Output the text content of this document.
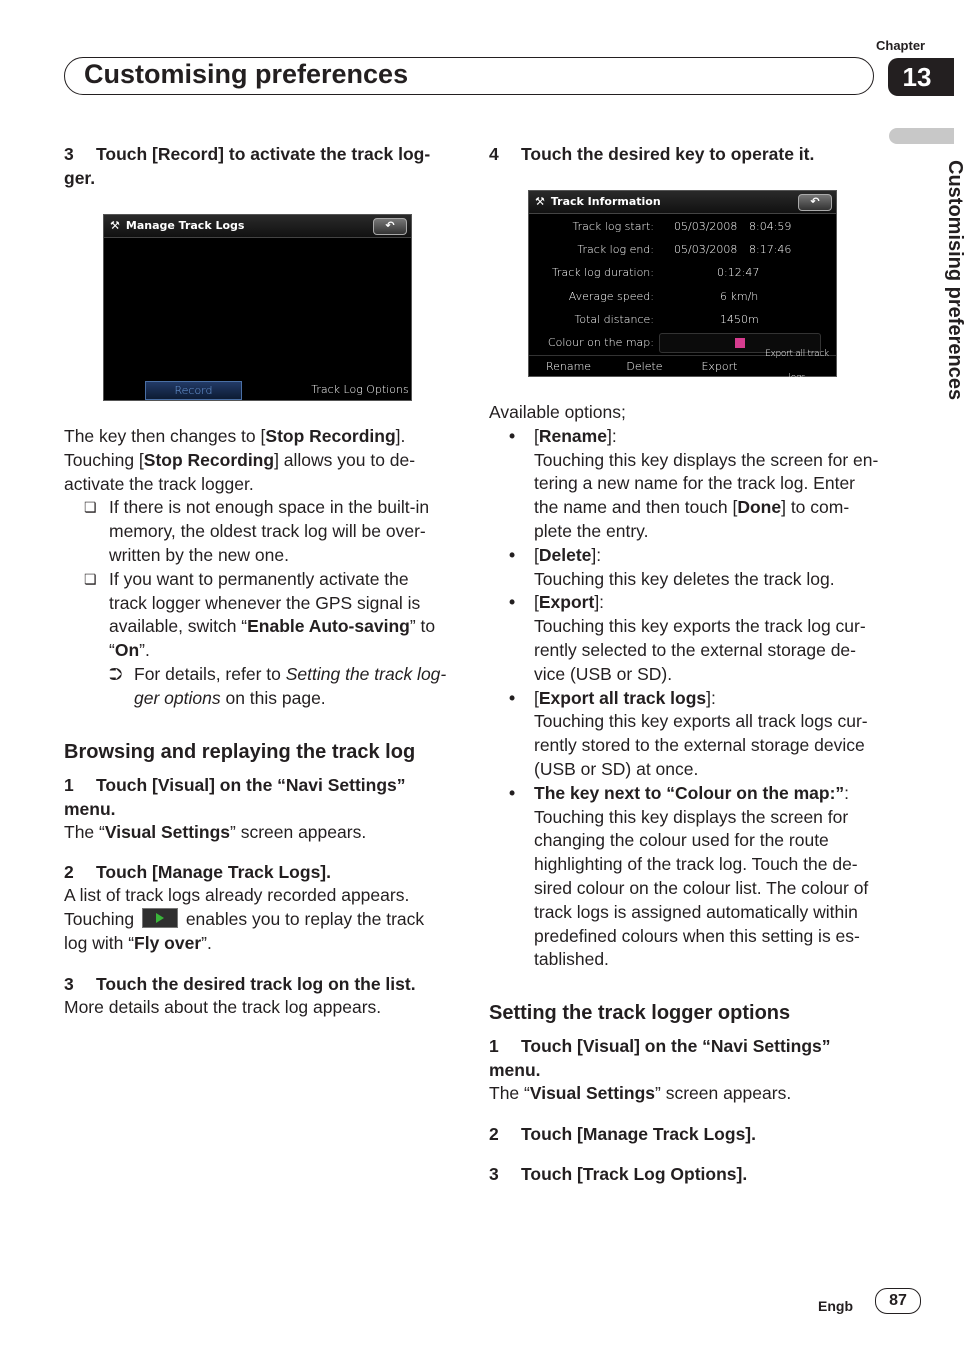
Chapter
13
Customising preferences
Customising preferences

3 Touch [Record] to activate the track log-

ger.

⚒ Manage Track Logs	↶
Record	Track Log Options

The key then changes to [Stop Recording].

Touching [Stop Recording] allows you to de-

activate the track logger.

❏ If there is not enough space in the built-in

memory, the oldest track log will be over-

written by the new one.

❏ If you want to permanently activate the

track logger whenever the GPS signal is

available, switch “Enable Auto-saving” to

“On”.

⮊ For details, refer to Setting the track log-

ger options on this page.

Browsing and replaying the track log

1 Touch [Visual] on the “Navi Settings”

menu.

The “Visual Settings” screen appears.

2 Touch [Manage Track Logs].

A list of track logs already recorded appears.

Touching	enables you to replay the track

log with “Fly over”.

3 Touch the desired track log on the list.

More details about the track log appears.

4 Touch the desired key to operate it.

⚒ Track Information	↶
Track log start: 05/03/2008 8:04:59
Track log end: 05/03/2008 8:17:46
Track log duration:	0:12:47
Average speed:	6 km/h
Total distance:	1450m
Colour on the map:
Rename	Delete	Export
Export all track logs

Available options;

•	[Rename]:

Touching this key displays the screen for en-

tering a new name for the track log. Enter

the name and then touch [Done] to com-

plete the entry.

•	[Delete]:

Touching this key deletes the track log.

•	[Export]:

Touching this key exports the track log cur-

rently selected to the external storage de-

vice (USB or SD).

•	[Export all track logs]:

Touching this key exports all track logs cur-

rently stored to the external storage device

(USB or SD) at once.

•	The key next to “Colour on the map:”:

Touching this key displays the screen for

changing the colour used for the route

highlighting of the track log. Touch the de-

sired colour on the colour list. The colour of

track logs is assigned automatically within

predefined colours when this setting is es-

tablished.

Setting the track logger options

1 Touch [Visual] on the “Navi Settings”

menu.

The “Visual Settings” screen appears.

2 Touch [Manage Track Logs].

3 Touch [Track Log Options].

Engb	87
